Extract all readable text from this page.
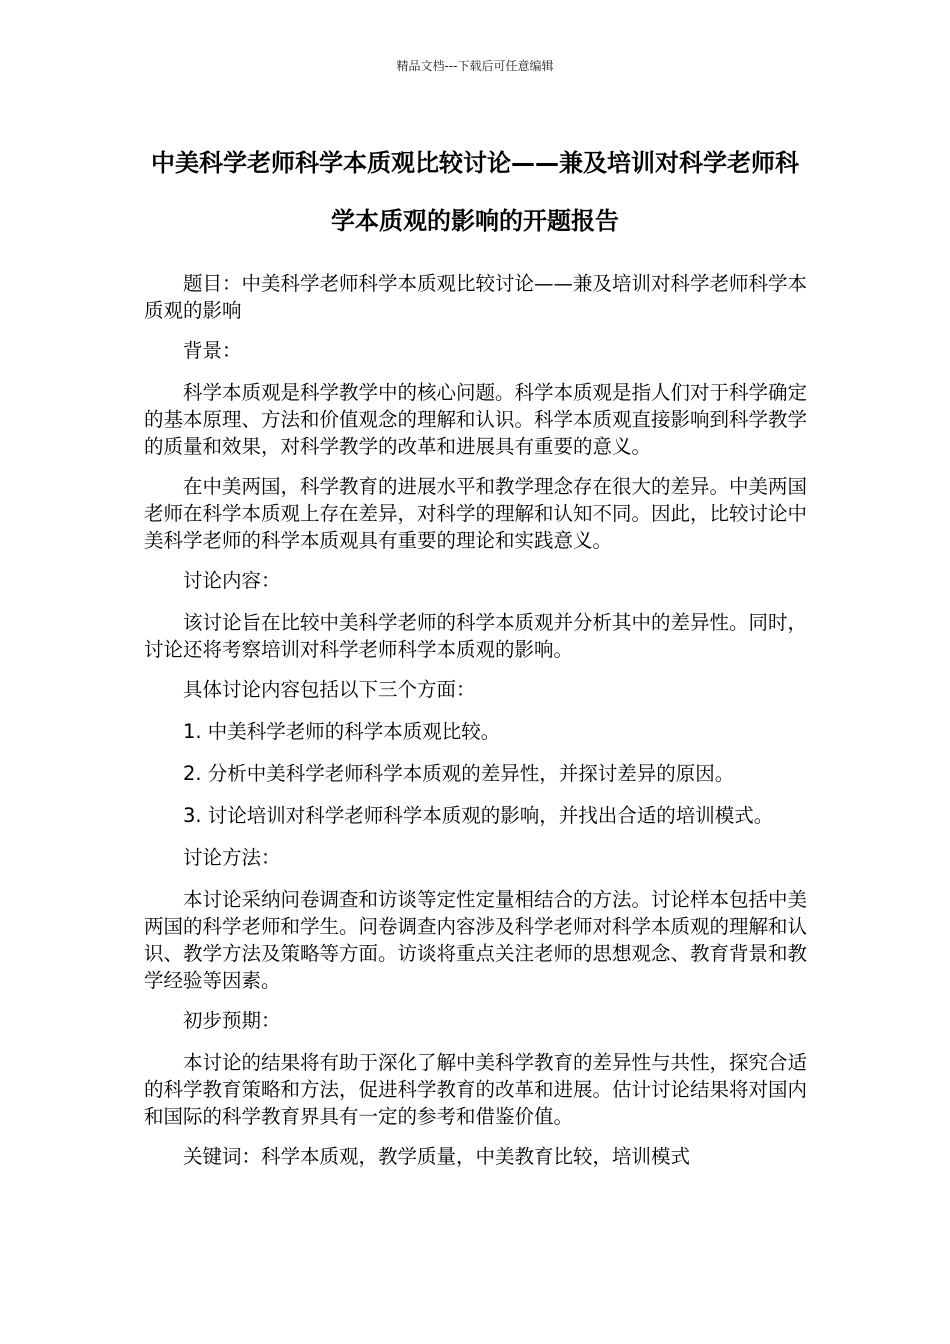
精品文档---下载后可任意编辑
中美科学老师科学本质观比较讨论——兼及培训对科学老师科学本质观的影响的开题报告

题目：中美科学老师科学本质观比较讨论——兼及培训对科学老师科学本质观的影响

背景：

科学本质观是科学教学中的核心问题。科学本质观是指人们对于科学确定的基本原理、方法和价值观念的理解和认识。科学本质观直接影响到科学教学的质量和效果，对科学教学的改革和进展具有重要的意义。

在中美两国，科学教育的进展水平和教学理念存在很大的差异。中美两国老师在科学本质观上存在差异，对科学的理解和认知不同。因此，比较讨论中美科学老师的科学本质观具有重要的理论和实践意义。

讨论内容：

该讨论旨在比较中美科学老师的科学本质观并分析其中的差异性。同时，讨论还将考察培训对科学老师科学本质观的影响。

具体讨论内容包括以下三个方面：

1. 中美科学老师的科学本质观比较。

2. 分析中美科学老师科学本质观的差异性，并探讨差异的原因。

3. 讨论培训对科学老师科学本质观的影响，并找出合适的培训模式。

讨论方法：

本讨论采纳问卷调查和访谈等定性定量相结合的方法。讨论样本包括中美两国的科学老师和学生。问卷调查内容涉及科学老师对科学本质观的理解和认识、教学方法及策略等方面。访谈将重点关注老师的思想观念、教育背景和教学经验等因素。

初步预期：

本讨论的结果将有助于深化了解中美科学教育的差异性与共性，探究合适的科学教育策略和方法，促进科学教育的改革和进展。估计讨论结果将对国内和国际的科学教育界具有一定的参考和借鉴价值。

关键词：科学本质观，教学质量，中美教育比较，培训模式
